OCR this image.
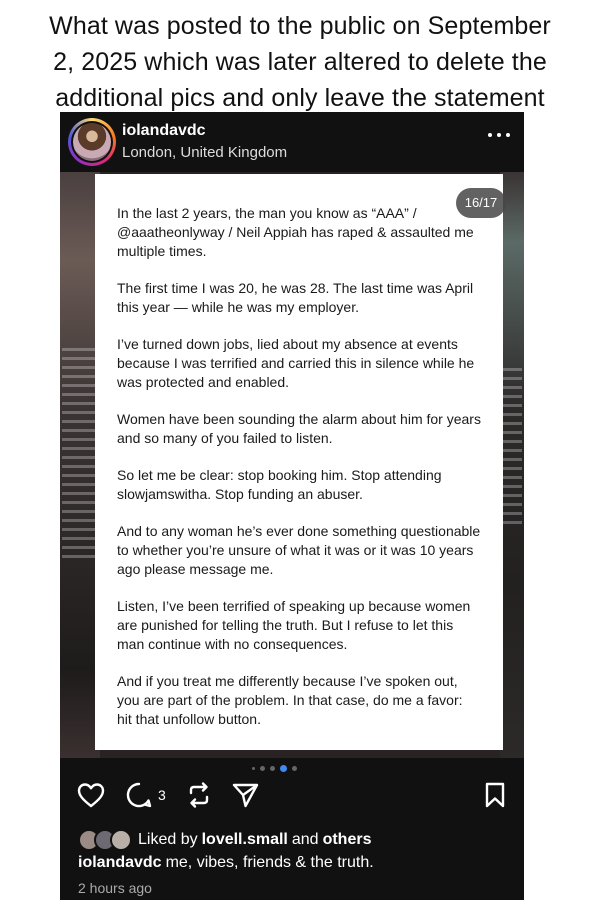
What was posted to the public on September
2, 2025 which was later altered to delete the
additional pics and only leave the statement
iolandavdc
London, United Kingdom

In the last 2 years, the man you know as “AAA” / @aaatheonlyway / Neil Appiah has raped & assaulted me multiple times.

The first time I was 20, he was 28. The last time was April this year — while he was my employer.

I’ve turned down jobs, lied about my absence at events because I was terrified and carried this in silence while he was protected and enabled.

Women have been sounding the alarm about him for years and so many of you failed to listen.

So let me be clear: stop booking him. Stop attending slowjamswitha. Stop funding an abuser.

And to any woman he’s ever done something questionable to whether you’re unsure of what it was or it was 10 years ago please message me.

Listen, I’ve been terrified of speaking up because women are punished for telling the truth. But I refuse to let this man continue with no consequences.

And if you treat me differently because I’ve spoken out, you are part of the problem. In that case, do me a favor: hit that unfollow button.

16/17
3
Liked by lovell.small and others
iolandavdc me, vibes, friends & the truth.
2 hours ago
